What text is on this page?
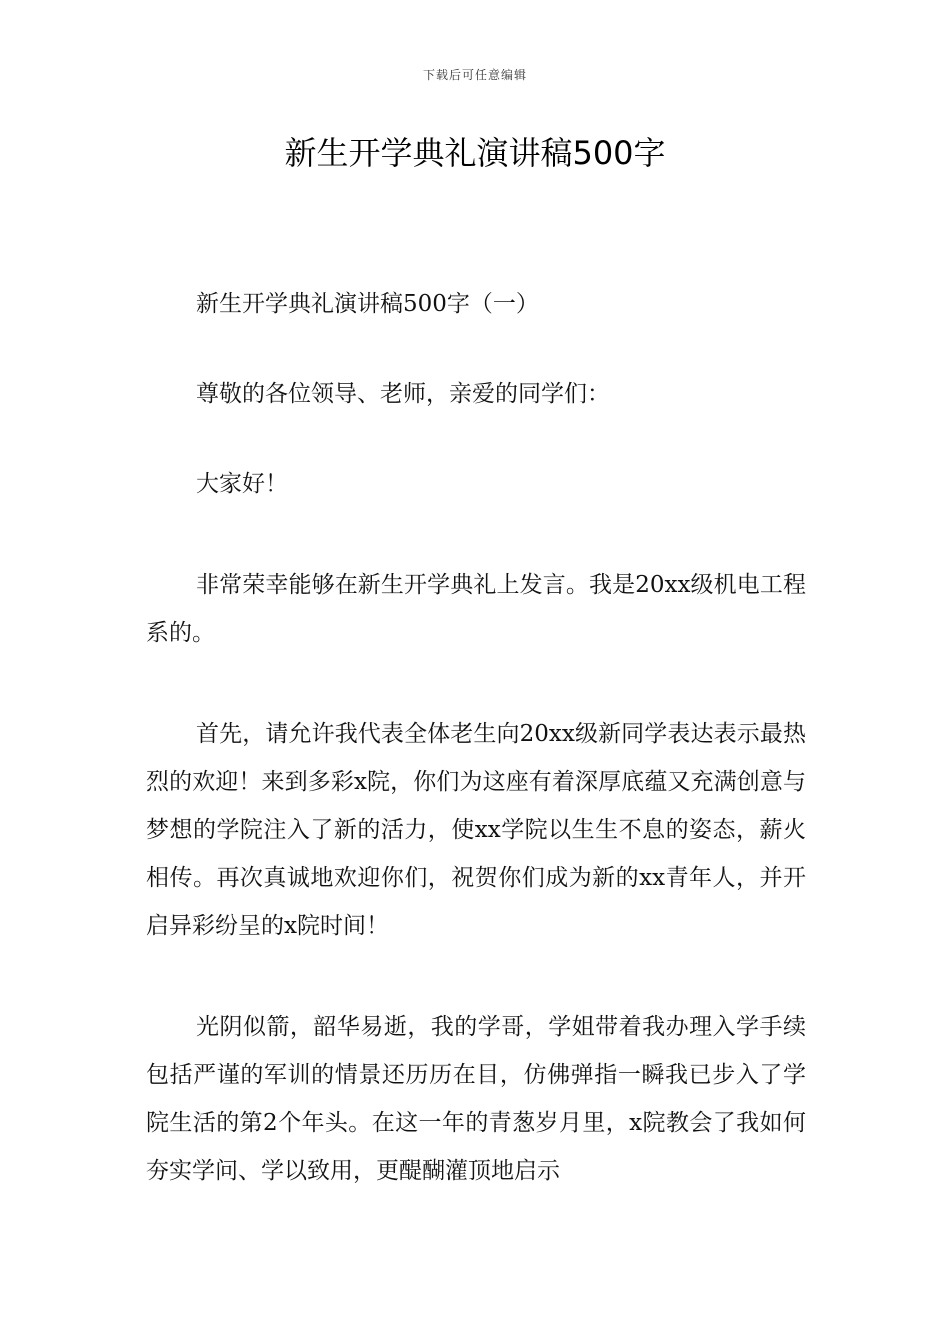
下载后可任意编辑
新生开学典礼演讲稿500字

新生开学典礼演讲稿500字（一）

尊敬的各位领导、老师，亲爱的同学们：

大家好！

非常荣幸能够在新生开学典礼上发言。我是20xx级机电工程系的。

首先，请允许我代表全体老生向20xx级新同学表达表示最热烈的欢迎！来到多彩x院，你们为这座有着深厚底蕴又充满创意与梦想的学院注入了新的活力，使xx学院以生生不息的姿态，薪火相传。再次真诚地欢迎你们，祝贺你们成为新的xx青年人，并开启异彩纷呈的x院时间！

光阴似箭，韶华易逝，我的学哥，学姐带着我办理入学手续包括严谨的军训的情景还历历在目，仿佛弹指一瞬我已步入了学院生活的第2个年头。在这一年的青葱岁月里，x院教会了我如何夯实学问、学以致用，更醍醐灌顶地启示
